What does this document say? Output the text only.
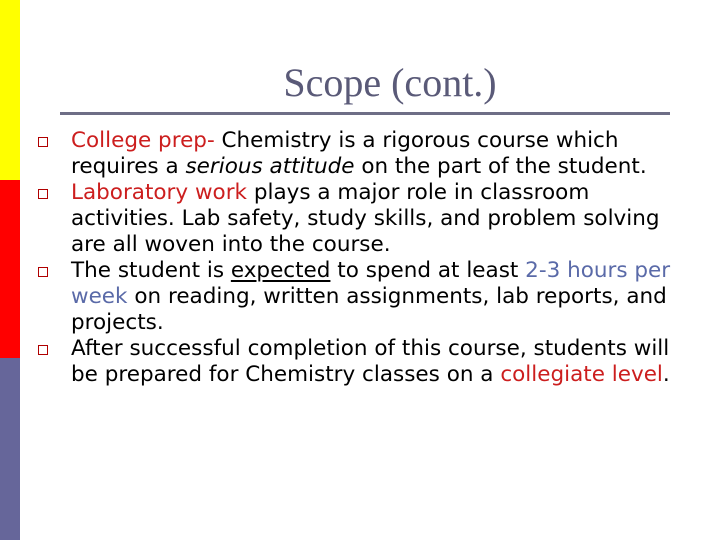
Scope (cont.)
College prep- Chemistry is a rigorous course which requires a serious attitude on the part of the student.
Laboratory work plays a major role in classroom activities. Lab safety, study skills, and problem solving are all woven into the course.
The student is expected to spend at least 2-3 hours per week on reading, written assignments, lab reports, and projects.
After successful completion of this course, students will be prepared for Chemistry classes on a collegiate level.
